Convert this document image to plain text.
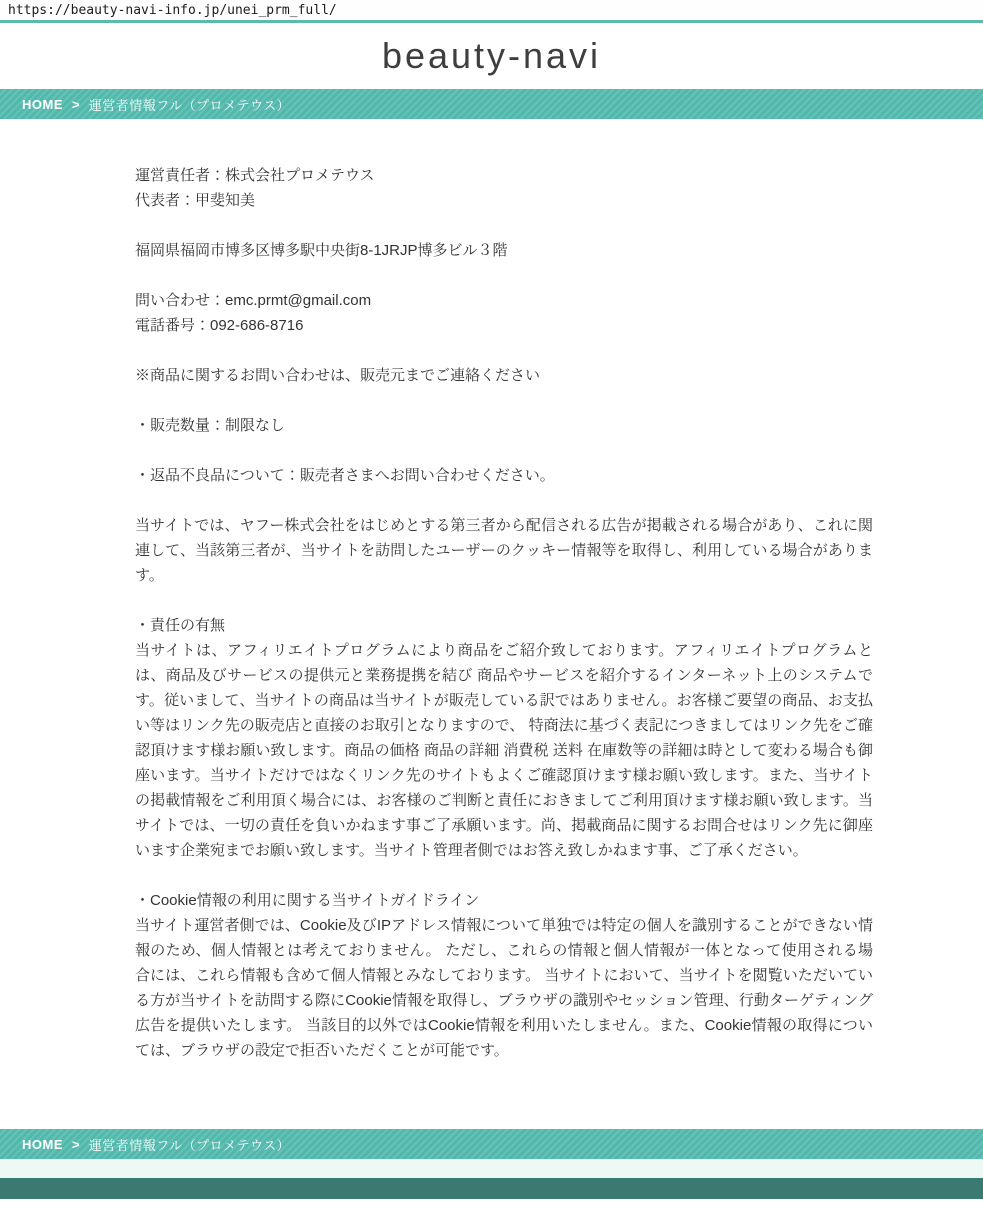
https://beauty-navi-info.jp/unei_prm_full/
beauty-navi
HOME > 運営者情報フル（プロメテウス）

運営責任者：株式会社プロメテウス
代表者：甲斐知美

福岡県福岡市博多区博多駅中央街8-1JRJP博多ビル３階

問い合わせ：emc.prmt@gmail.com
電話番号：092-686-8716

※商品に関するお問い合わせは、販売元までご連絡ください

・販売数量：制限なし

・返品不良品について：販売者さまへお問い合わせください。

当サイトでは、ヤフー株式会社をはじめとする第三者から配信される広告が掲載される場合があり、これに関連して、当該第三者が、当サイトを訪問したユーザーのクッキー情報等を取得し、利用している場合があります。

・責任の有無
当サイトは、アフィリエイトプログラムにより商品をご紹介致しております。アフィリエイトプログラムとは、商品及びサービスの提供元と業務提携を結び 商品やサービスを紹介するインターネット上のシステムです。従いまして、当サイトの商品は当サイトが販売している訳ではありません。お客様ご要望の商品、お支払い等はリンク先の販売店と直接のお取引となりますので、 特商法に基づく表記につきましてはリンク先をご確認頂けます様お願い致します。商品の価格 商品の詳細 消費税 送料 在庫数等の詳細は時として変わる場合も御座います。当サイトだけではなくリンク先のサイトもよくご確認頂けます様お願い致します。また、当サイトの掲載情報をご利用頂く場合には、お客様のご判断と責任におきましてご利用頂けます様お願い致します。当サイトでは、一切の責任を負いかねます事ご了承願います。尚、掲載商品に関するお問合せはリンク先に御座います企業宛までお願い致します。当サイト管理者側ではお答え致しかねます事、ご了承ください。

・Cookie情報の利用に関する当サイトガイドライン
当サイト運営者側では、Cookie及びIPアドレス情報について単独では特定の個人を識別することができない情報のため、個人情報とは考えておりません。 ただし、これらの情報と個人情報が一体となって使用される場合には、これら情報も含めて個人情報とみなしております。 当サイトにおいて、当サイトを閲覧いただいている方が当サイトを訪問する際にCookie情報を取得し、ブラウザの識別やセッション管理、行動ターゲティング広告を提供いたします。 当該目的以外ではCookie情報を利用いたしません。また、Cookie情報の取得については、ブラウザの設定で拒否いただくことが可能です。

HOME > 運営者情報フル（プロメテウス）
